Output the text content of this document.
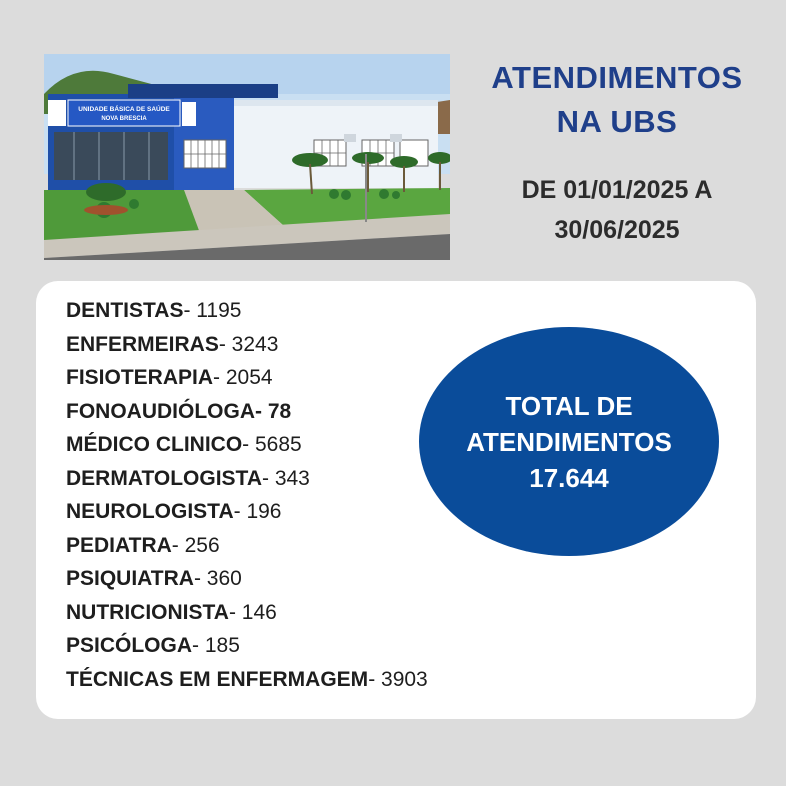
UNIDADE BÁSICA DE SAÚDE
NOVA BRESCIA
ATENDIMENTOS
NA UBS
DE 01/01/2025 A
30/06/2025
DENTISTAS- 1195
ENFERMEIRAS- 3243
FISIOTERAPIA- 2054
FONOAUDIÓLOGA- 78
MÉDICO CLINICO- 5685
DERMATOLOGISTA- 343
NEUROLOGISTA- 196
PEDIATRA- 256
PSIQUIATRA- 360
NUTRICIONISTA- 146
PSICÓLOGA- 185
TÉCNICAS EM ENFERMAGEM- 3903
TOTAL DE
ATENDIMENTOS
17.644
